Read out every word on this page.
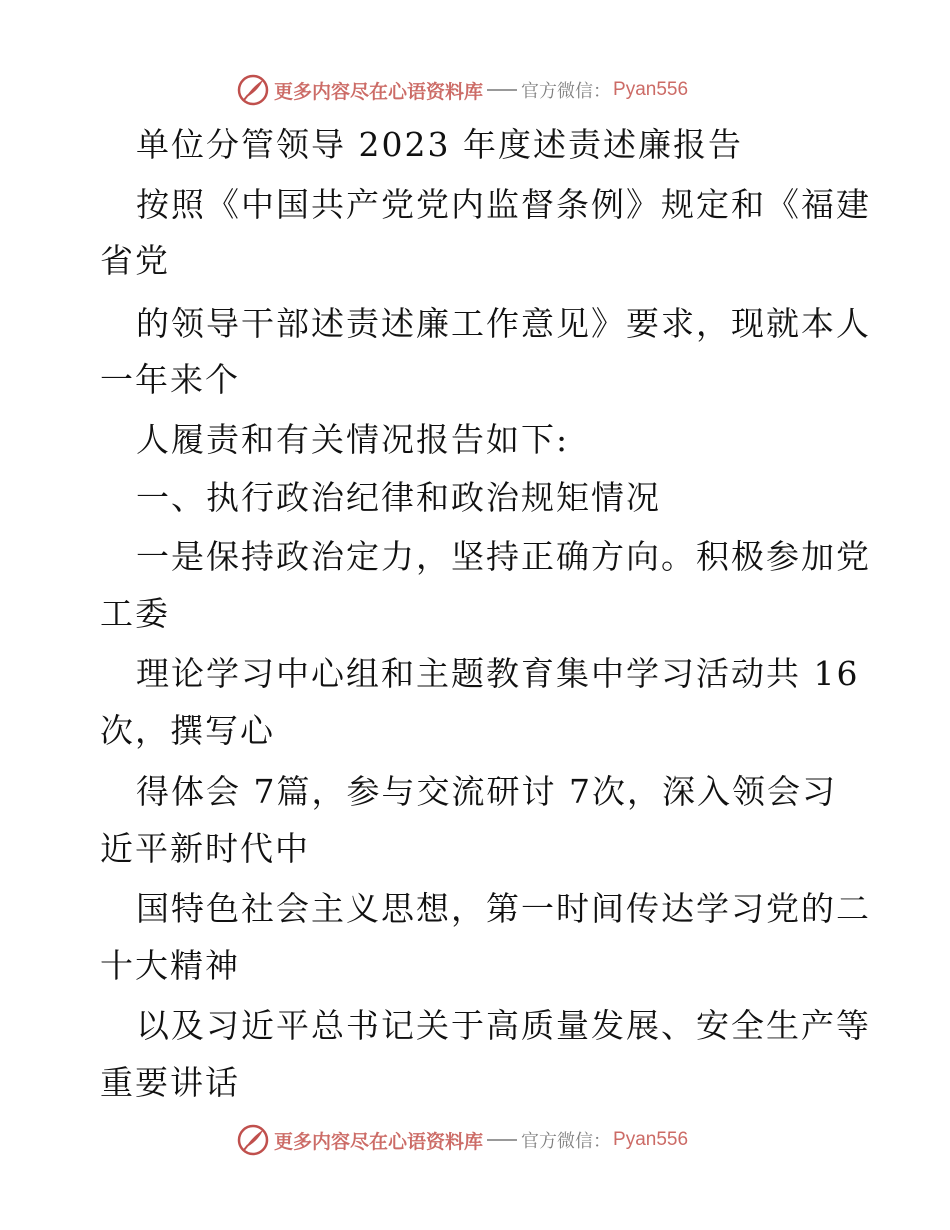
更多内容尽在心语资料库 官方微信： Pyan556
单位分管领导 2023 年度述责述廉报告
按照《中国共产党党内监督条例》规定和《福建
省党
的领导干部述责述廉工作意见》要求，现就本人
一年来个
人履责和有关情况报告如下:
一、执行政治纪律和政治规矩情况
一是保持政治定力，坚持正确方向。积极参加党
工委
理论学习中心组和主题教育集中学习活动共 16
次，撰写心
得体会 7篇，参与交流研讨 7次，深入领会习
近平新时代中
国特色社会主义思想，第一时间传达学习党的二
十大精神
以及习近平总书记关于高质量发展、安全生产等
重要讲话
更多内容尽在心语资料库 官方微信： Pyan556
